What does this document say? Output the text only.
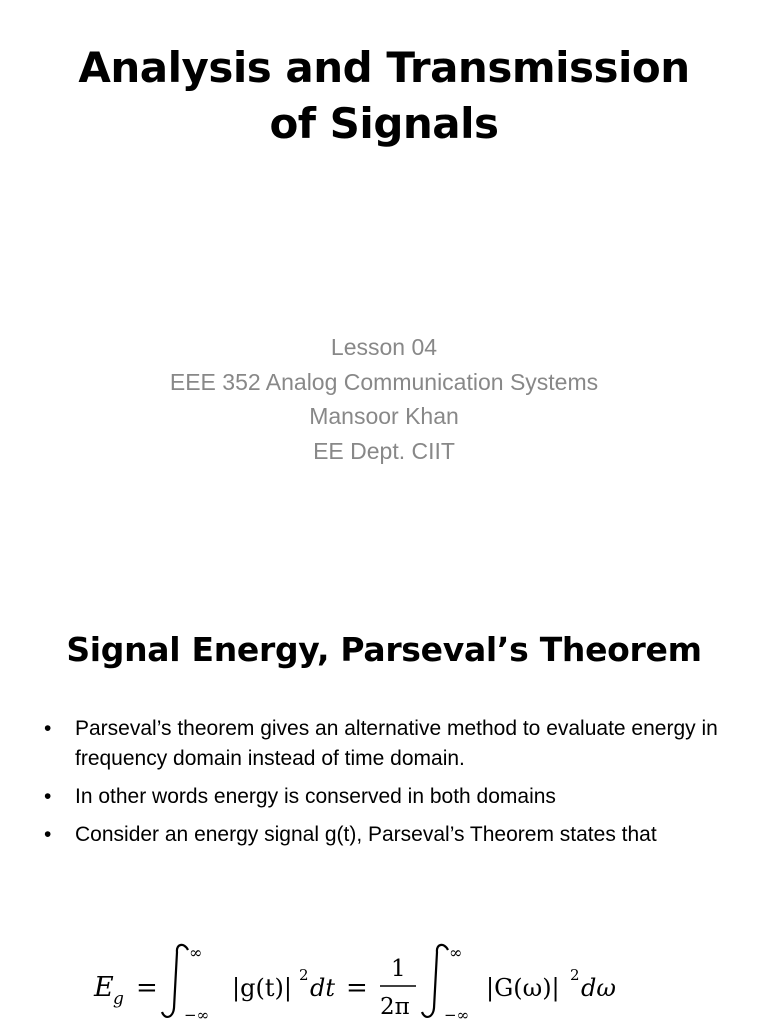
Analysis and Transmission
of Signals
Lesson 04
EEE 352 Analog Communication Systems
Mansoor Khan
EE Dept. CIIT
Signal Energy, Parseval’s Theorem
• Parseval’s theorem gives an alternative method to evaluate energy in frequency domain instead of time domain.
• In other words energy is conserved in both domains
• Consider an energy signal g(t), Parseval’s Theorem states that
E g =
∞
−∞
|g(t)| 2 dt =
1
2π
∞
−∞
|G(ω)| 2 dω
